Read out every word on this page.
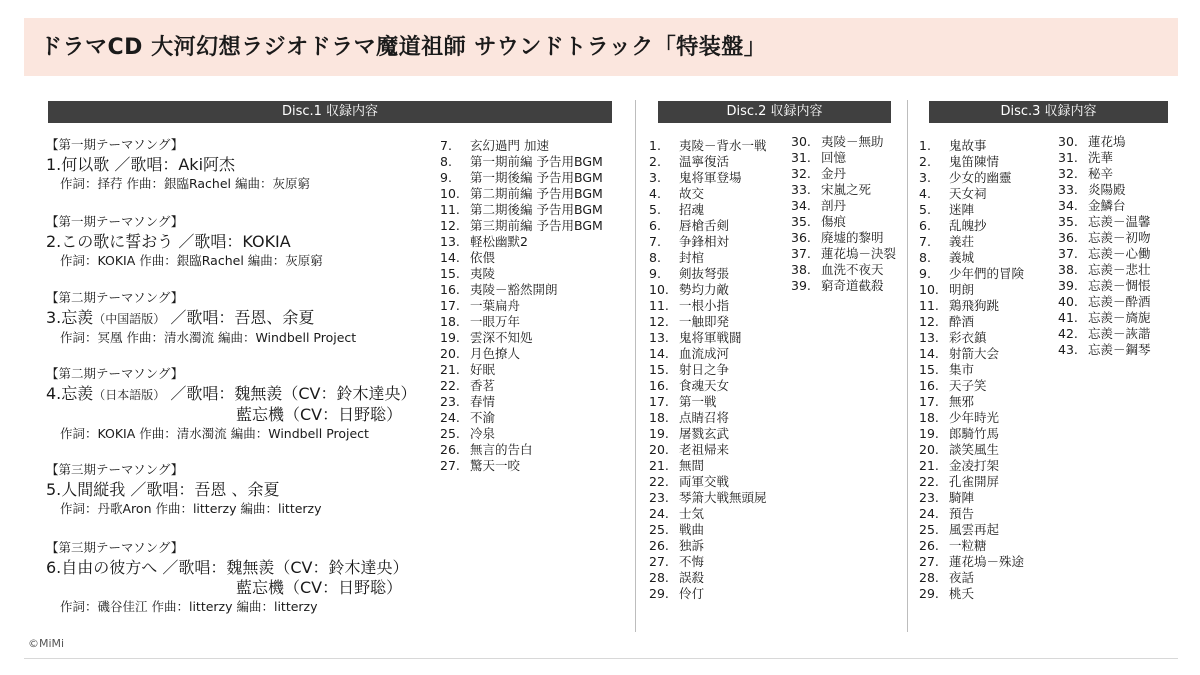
ドラマCD 大河幻想ラジオドラマ魔道祖師 サウンドトラック「特装盤」
Disc.1 収録内容	Disc.2 収録内容	Disc.3 収録内容
【第一期テーマソング】
1.何以歌 ／歌唱：Aki阿杰
作詞：择荇 作曲：銀臨Rachel 編曲：灰原窮
【第一期テーマソング】
2.この歌に誓おう ／歌唱：KOKIA
作詞：KOKIA 作曲：銀臨Rachel 編曲：灰原窮
【第二期テーマソング】
3.忘羨（中国語版） ／歌唱：吾恩、余夏
作詞：冥凰 作曲：清水濁流 編曲：Windbell Project
【第二期テーマソング】
4.忘羨（日本語版） ／歌唱：魏無羨（CV：鈴木達央）
藍忘機（CV：日野聡）
作詞：KOKIA 作曲：清水濁流 編曲：Windbell Project
【第三期テーマソング】
5.人間縦我 ／歌唱：吾恩 、余夏
作詞：丹歌Aron 作曲：litterzy 編曲：litterzy
【第三期テーマソング】
6.自由の彼方へ ／歌唱：魏無羨（CV：鈴木達央）
藍忘機（CV：日野聡）
作詞：磯谷佳江 作曲：litterzy 編曲：litterzy
7. 玄幻過門 加速
8. 第一期前編 予告用BGM
9. 第一期後編 予告用BGM
10. 第二期前編 予告用BGM
11. 第二期後編 予告用BGM
12. 第三期前編 予告用BGM
13. 軽松幽默2
14. 依偎
15. 夷陵
16. 夷陵－豁然開朗
17. 一葉扁舟
18. 一眼万年
19. 雲深不知処
20. 月色撩人
21. 好眠
22. 香茗
23. 春情
24. 不渝
25. 冷泉
26. 無言的告白
27. 驚天一咬
1. 夷陵－背水一戦
2. 温寧復活
3. 鬼将軍登場
4. 故交
5. 招魂
6. 唇槍舌剣
7. 争鋒相対
8. 封棺
9. 剣抜弩張
10. 勢均力敵
11. 一根小指
12. 一触即発
13. 鬼将軍戦闘
14. 血流成河
15. 射日之争
16. 食魂天女
17. 第一戦
18. 点睛召将
19. 屠戮玄武
20. 老祖帰来
21. 無間
22. 両軍交戦
23. 琴箫大戦無頭屍
24. 士気
25. 戦曲
26. 独訴
27. 不悔
28. 誤殺
29. 伶仃
30. 夷陵－無助
31. 回憶
32. 金丹
33. 宋嵐之死
34. 剖丹
35. 傷痕
36. 廃墟的黎明
37. 蓮花塢－決裂
38. 血洗不夜天
39. 窮奇道截殺
1. 鬼故事
2. 鬼笛陳情
3. 少女的幽靈
4. 天女祠
5. 迷陣
6. 乱魄抄
7. 義荘
8. 義城
9. 少年們的冒険
10. 明朗
11. 鶏飛狗跳
12. 酔酒
13. 彩衣鎮
14. 射箭大会
15. 集市
16. 天子笑
17. 無邪
18. 少年時光
19. 郎騎竹馬
20. 談笑風生
21. 金凌打架
22. 孔雀開屏
23. 騎陣
24. 預告
25. 風雲再起
26. 一粒糖
27. 蓮花塢－殊途
28. 夜話
29. 桃夭
30. 蓮花塢
31. 洗華
32. 秘辛
33. 炎陽殿
34. 金鱗台
35. 忘羨－温馨
36. 忘羨－初吻
37. 忘羨－心働
38. 忘羨－悲壮
39. 忘羨－惆悵
40. 忘羨－酔酒
41. 忘羨－旖旎
42. 忘羨－詼諧
43. 忘羨－鋼琴
©MiMi
